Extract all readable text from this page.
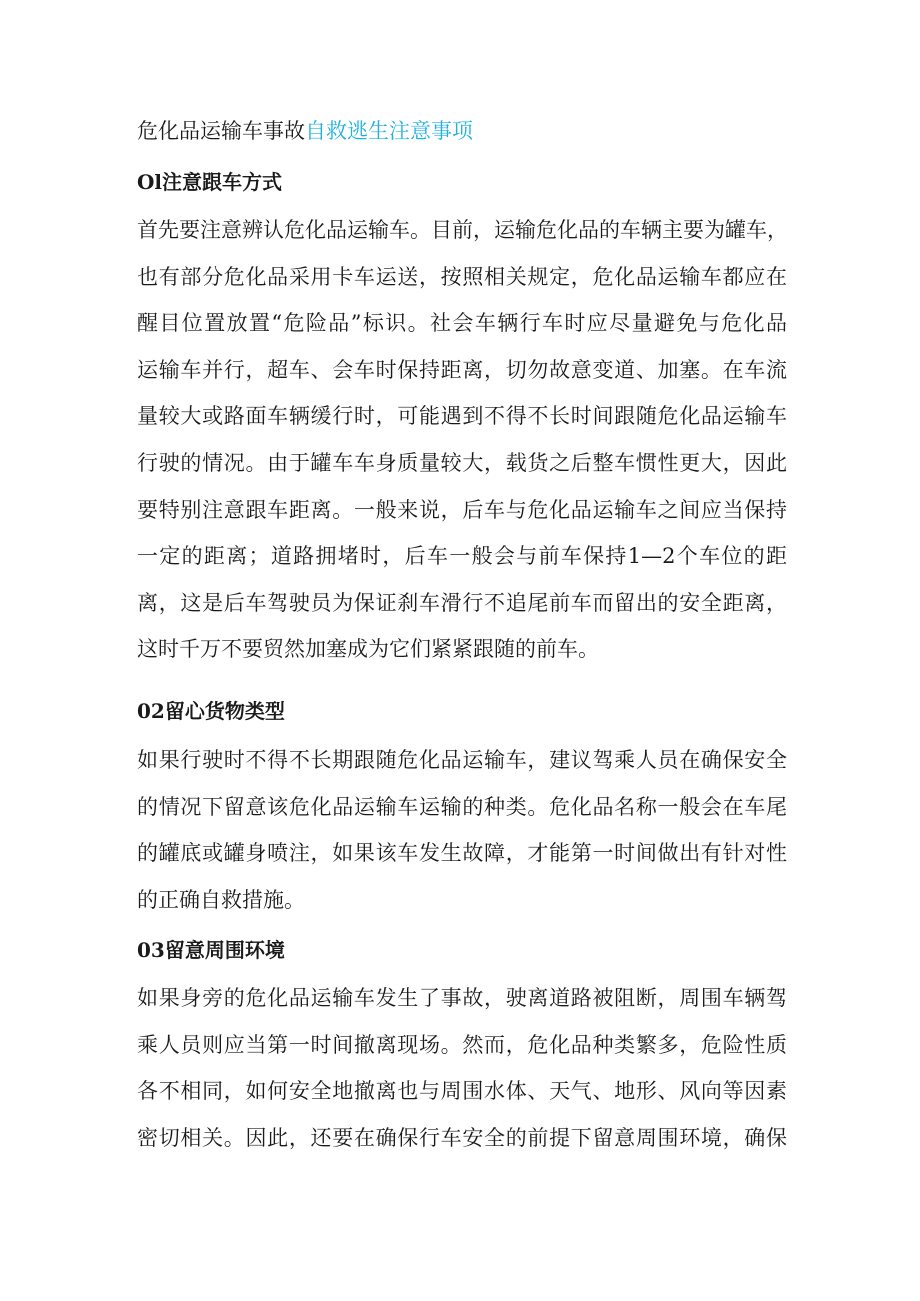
危化品运输车事故自救逃生注意事项
Ol注意跟车方式
首先要注意辨认危化品运输车。目前，运输危化品的车辆主要为罐车，
也有部分危化品采用卡车运送，按照相关规定，危化品运输车都应在
醒目位置放置“危险品”标识。社会车辆行车时应尽量避免与危化品
运输车并行，超车、会车时保持距离，切勿故意变道、加塞。在车流
量较大或路面车辆缓行时，可能遇到不得不长时间跟随危化品运输车
行驶的情况。由于罐车车身质量较大，载货之后整车惯性更大，因此
要特别注意跟车距离。一般来说，后车与危化品运输车之间应当保持
一定的距离；道路拥堵时，后车一般会与前车保持1—2个车位的距
离，这是后车驾驶员为保证刹车滑行不追尾前车而留出的安全距离，
这时千万不要贸然加塞成为它们紧紧跟随的前车。
02留心货物类型
如果行驶时不得不长期跟随危化品运输车，建议驾乘人员在确保安全
的情况下留意该危化品运输车运输的种类。危化品名称一般会在车尾
的罐底或罐身喷注，如果该车发生故障，才能第一时间做出有针对性
的正确自救措施。
03留意周围环境
如果身旁的危化品运输车发生了事故，驶离道路被阻断，周围车辆驾
乘人员则应当第一时间撤离现场。然而，危化品种类繁多，危险性质
各不相同，如何安全地撤离也与周围水体、天气、地形、风向等因素
密切相关。因此，还要在确保行车安全的前提下留意周围环境，确保
